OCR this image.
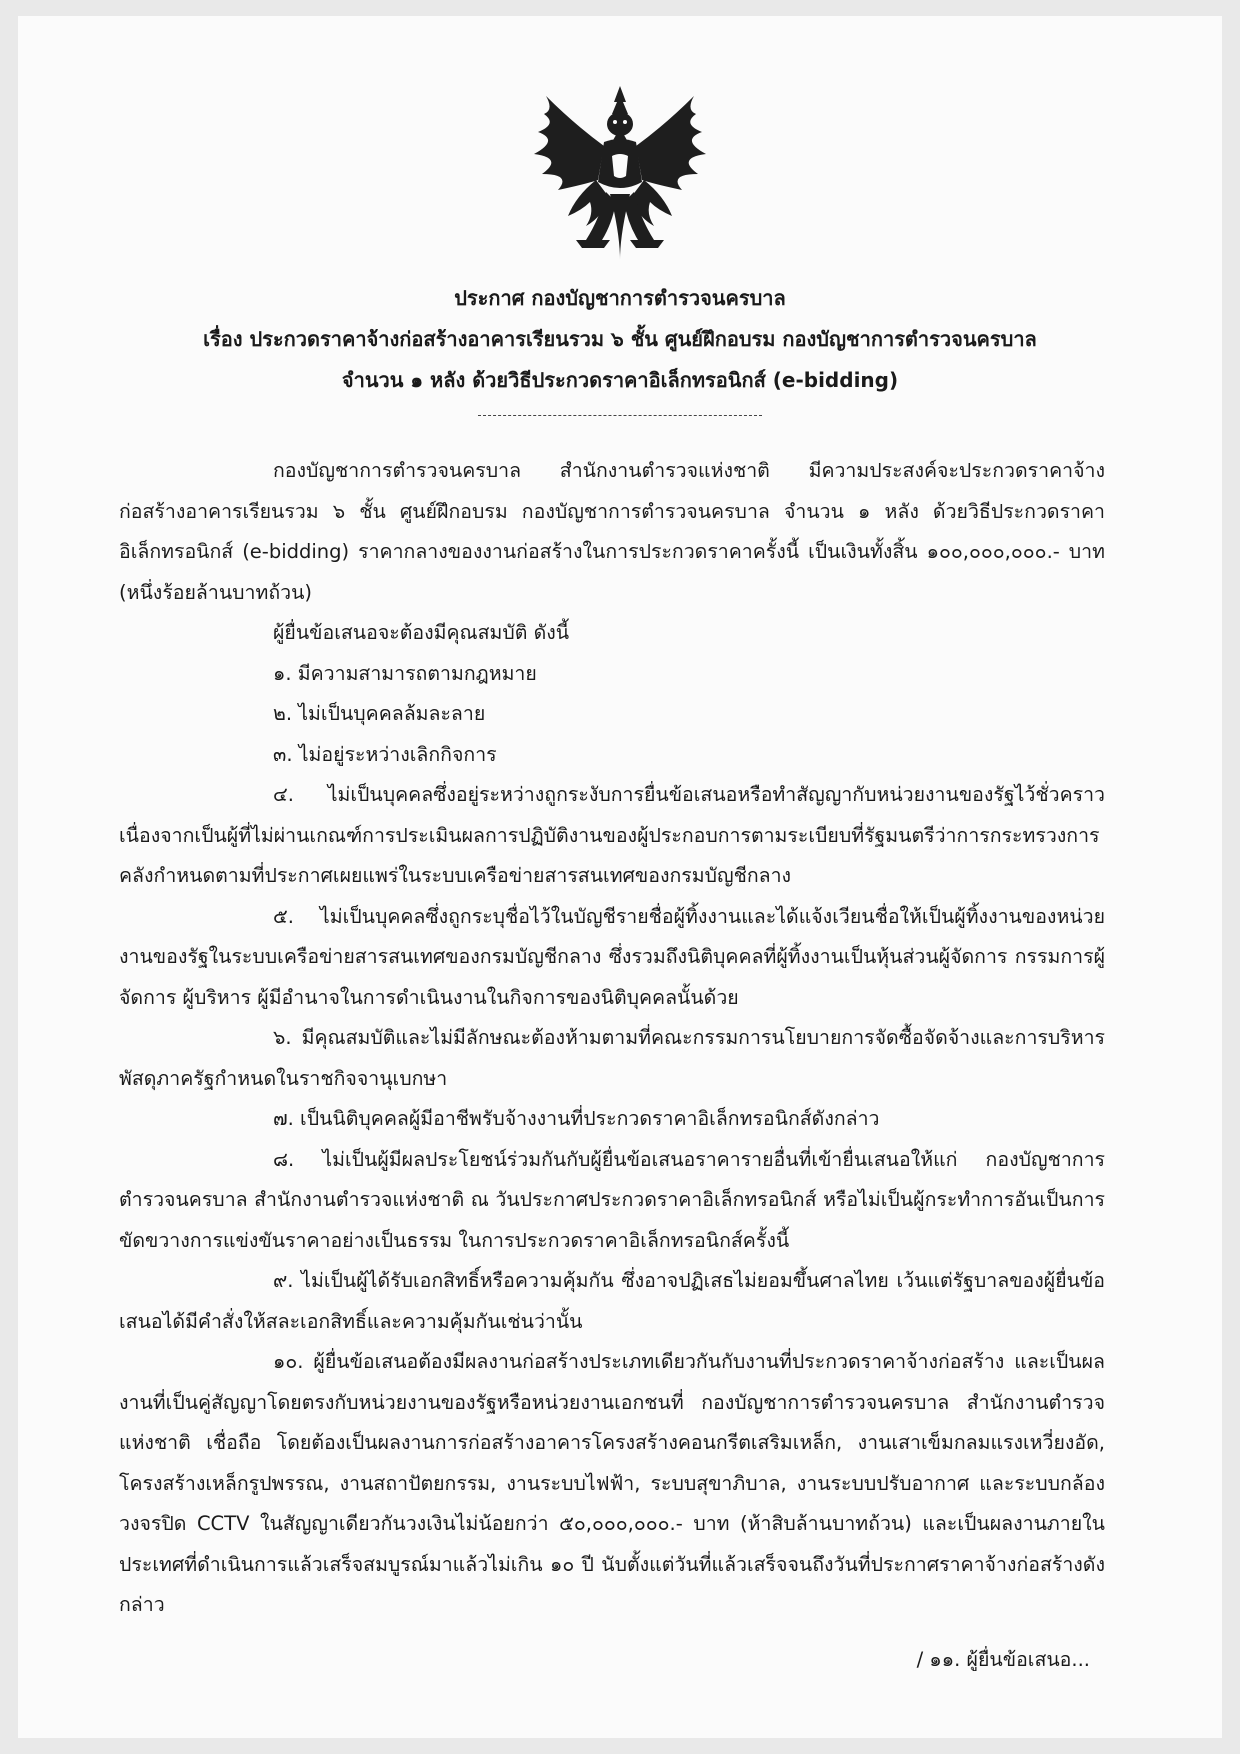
ประกาศ กองบัญชาการตำรวจนครบาล
เรื่อง ประกวดราคาจ้างก่อสร้างอาคารเรียนรวม ๖ ชั้น ศูนย์ฝึกอบรม กองบัญชาการตำรวจนครบาล
จำนวน ๑ หลัง ด้วยวิธีประกวดราคาอิเล็กทรอนิกส์ (e-bidding)

กองบัญชาการตำรวจนครบาล สำนักงานตำรวจแห่งชาติ มีความประสงค์จะประกวดราคาจ้างก่อสร้างอาคารเรียนรวม ๖ ชั้น ศูนย์ฝึกอบรม กองบัญชาการตำรวจนครบาล จำนวน ๑ หลัง ด้วยวิธีประกวดราคาอิเล็กทรอนิกส์ (e-bidding) ราคากลางของงานก่อสร้างในการประกวดราคาครั้งนี้ เป็นเงินทั้งสิ้น ๑๐๐,๐๐๐,๐๐๐.- บาท (หนึ่งร้อยล้านบาทถ้วน)

ผู้ยื่นข้อเสนอจะต้องมีคุณสมบัติ ดังนี้

๑. มีความสามารถตามกฎหมาย

๒. ไม่เป็นบุคคลล้มละลาย

๓. ไม่อยู่ระหว่างเลิกกิจการ

๔. ไม่เป็นบุคคลซึ่งอยู่ระหว่างถูกระงับการยื่นข้อเสนอหรือทำสัญญากับหน่วยงานของรัฐไว้ชั่วคราวเนื่องจากเป็นผู้ที่ไม่ผ่านเกณฑ์การประเมินผลการปฏิบัติงานของผู้ประกอบการตามระเบียบที่รัฐมนตรีว่าการกระทรวงการคลังกำหนดตามที่ประกาศเผยแพร่ในระบบเครือข่ายสารสนเทศของกรมบัญชีกลาง

๕. ไม่เป็นบุคคลซึ่งถูกระบุชื่อไว้ในบัญชีรายชื่อผู้ทิ้งงานและได้แจ้งเวียนชื่อให้เป็นผู้ทิ้งงานของหน่วยงานของรัฐในระบบเครือข่ายสารสนเทศของกรมบัญชีกลาง ซึ่งรวมถึงนิติบุคคลที่ผู้ทิ้งงานเป็นหุ้นส่วนผู้จัดการ กรรมการผู้จัดการ ผู้บริหาร ผู้มีอำนาจในการดำเนินงานในกิจการของนิติบุคคลนั้นด้วย

๖. มีคุณสมบัติและไม่มีลักษณะต้องห้ามตามที่คณะกรรมการนโยบายการจัดซื้อจัดจ้างและการบริหารพัสดุภาครัฐกำหนดในราชกิจจานุเบกษา

๗. เป็นนิติบุคคลผู้มีอาชีพรับจ้างงานที่ประกวดราคาอิเล็กทรอนิกส์ดังกล่าว

๘. ไม่เป็นผู้มีผลประโยชน์ร่วมกันกับผู้ยื่นข้อเสนอราคารายอื่นที่เข้ายื่นเสนอให้แก่ กองบัญชาการตำรวจนครบาล สำนักงานตำรวจแห่งชาติ ณ วันประกาศประกวดราคาอิเล็กทรอนิกส์ หรือไม่เป็นผู้กระทำการอันเป็นการขัดขวางการแข่งขันราคาอย่างเป็นธรรม ในการประกวดราคาอิเล็กทรอนิกส์ครั้งนี้

๙. ไม่เป็นผู้ได้รับเอกสิทธิ์หรือความคุ้มกัน ซึ่งอาจปฏิเสธไม่ยอมขึ้นศาลไทย เว้นแต่รัฐบาลของผู้ยื่นข้อเสนอได้มีคำสั่งให้สละเอกสิทธิ์และความคุ้มกันเช่นว่านั้น

๑๐. ผู้ยื่นข้อเสนอต้องมีผลงานก่อสร้างประเภทเดียวกันกับงานที่ประกวดราคาจ้างก่อสร้าง และเป็นผลงานที่เป็นคู่สัญญาโดยตรงกับหน่วยงานของรัฐหรือหน่วยงานเอกชนที่ กองบัญชาการตำรวจนครบาล สำนักงานตำรวจแห่งชาติ เชื่อถือ โดยต้องเป็นผลงานการก่อสร้างอาคารโครงสร้างคอนกรีตเสริมเหล็ก, งานเสาเข็มกลมแรงเหวี่ยงอัด, โครงสร้างเหล็กรูปพรรณ, งานสถาปัตยกรรม, งานระบบไฟฟ้า, ระบบสุขาภิบาล, งานระบบปรับอากาศ และระบบกล้องวงจรปิด CCTV ในสัญญาเดียวกันวงเงินไม่น้อยกว่า ๕๐,๐๐๐,๐๐๐.- บาท (ห้าสิบล้านบาทถ้วน) และเป็นผลงานภายในประเทศที่ดำเนินการแล้วเสร็จสมบูรณ์มาแล้วไม่เกิน ๑๐ ปี นับตั้งแต่วันที่แล้วเสร็จจนถึงวันที่ประกาศราคาจ้างก่อสร้างดังกล่าว

/ ๑๑. ผู้ยื่นข้อเสนอ...
